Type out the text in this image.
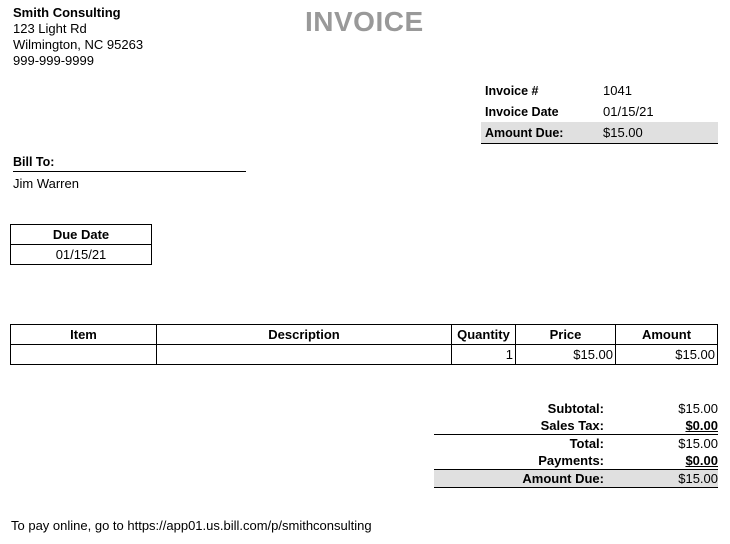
Smith Consulting
123 Light Rd
Wilmington, NC 95263
999-999-9999
INVOICE
Invoice #	1041
Invoice Date	01/15/21
Amount Due:	$15.00
Bill To:
Jim Warren
Due Date
01/15/21
Item	Description	Quantity	Price	Amount
		1	$15.00	$15.00
Subtotal:	$15.00
Sales Tax:	$0.00
Total:	$15.00
Payments:	$0.00
Amount Due:	$15.00
To pay online, go to https://app01.us.bill.com/p/smithconsulting
